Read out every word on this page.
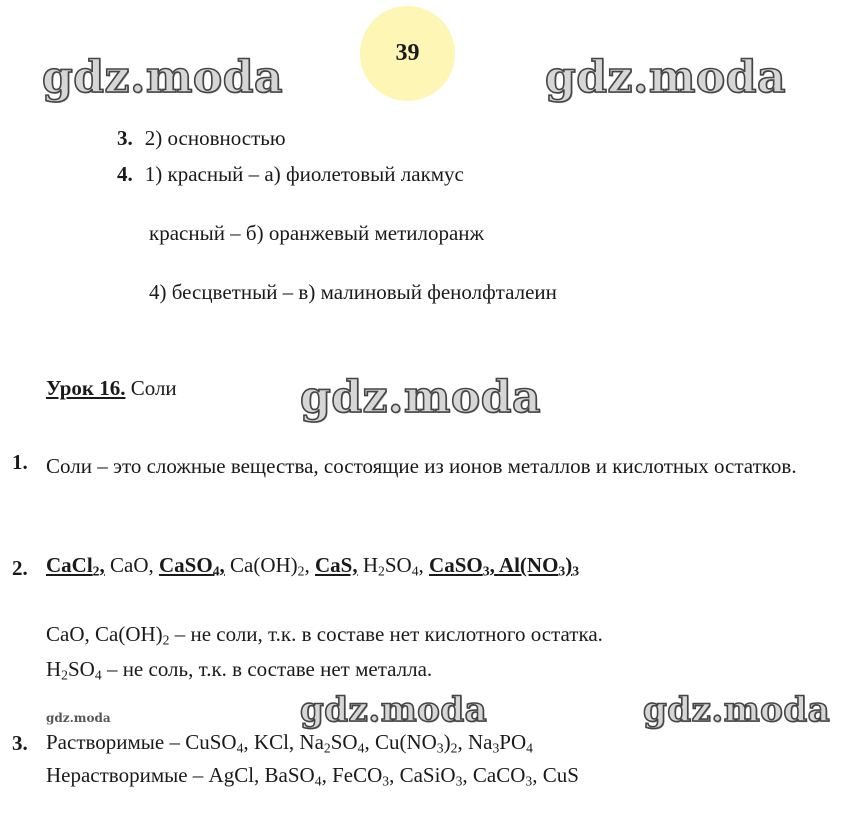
39
gdz.moda	gdz.moda
gdz.moda
gdz.moda	gdz.moda
gdz.moda
3. 2) основностью
4. 1) красный – а) фиолетовый лакмус
красный – б) оранжевый метилоранж
4) бесцветный – в) малиновый фенолфталеин
Урок 16. Соли
1. Соли – это сложные вещества, состоящие из ионов металлов и кислотных остатков.
2. CaCl$_2$, CaO, CaSO$_4$, $Ca(OH)_2$, CaS, $H_2SO_4$, CaSO$_3$, $Al(NO_3)_3$
CaO, $Ca(OH)_2$ – не соли, т.к. в составе нет кислотного остатка.
$H_2SO_4$ – не соль, т.к. в составе нет металла.
3. Растворимые – CuSO$_4$, KCl, $Na_2SO_4$, $Cu(NO_3)_2$, $Na_3PO_4$
Нерастворимые – AgCl, BaSO$_4$, FeCO$_3$, CaSiO$_3$, CaCO$_3$, CuS
